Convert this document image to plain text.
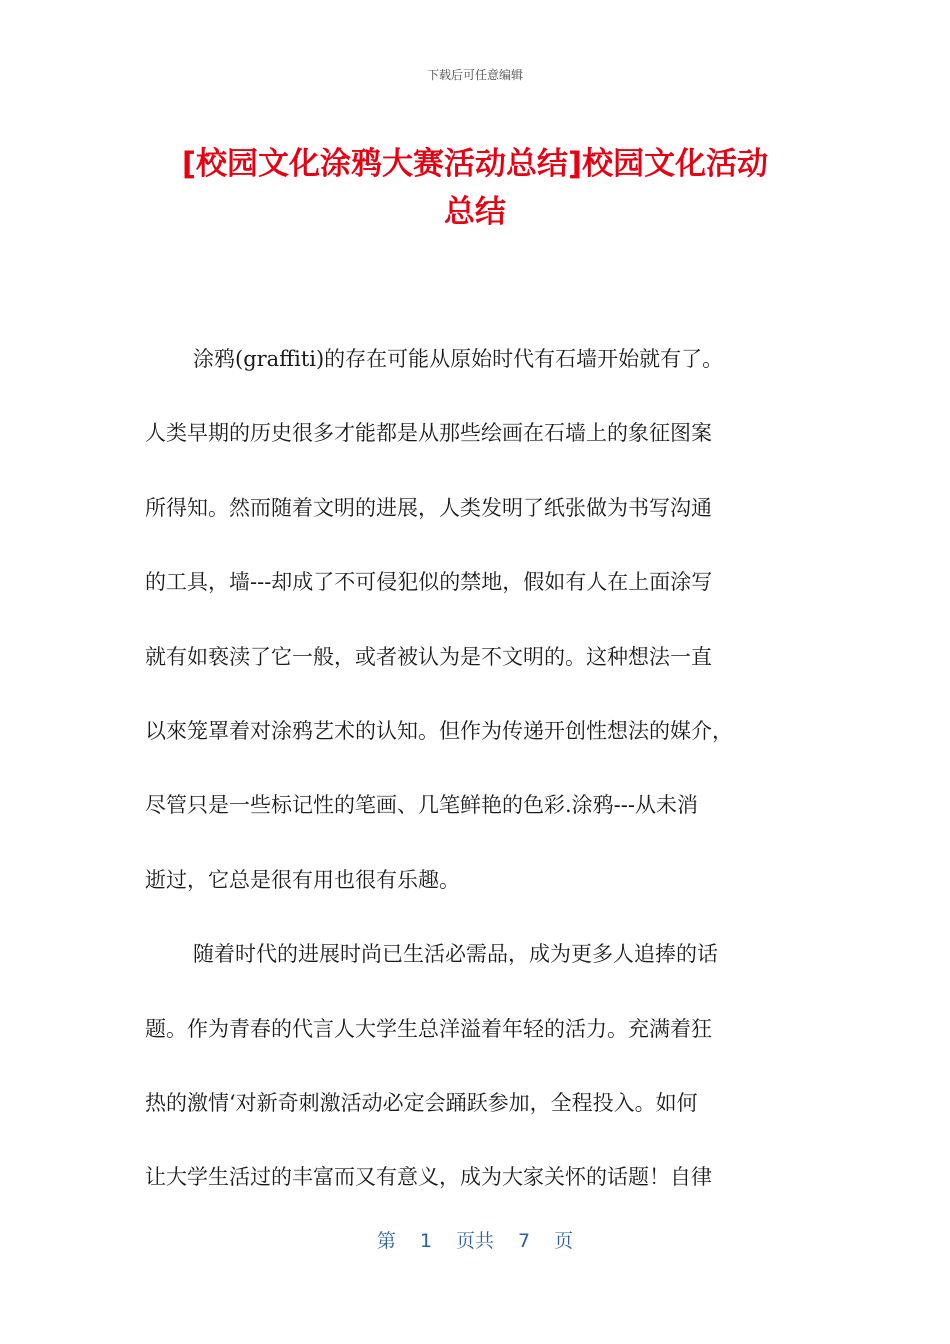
下载后可任意编辑
[校园文化涂鸦大赛活动总结]校园文化活动
总结
涂鸦(graffiti)的存在可能从原始时代有石墙开始就有了。
人类早期的历史很多才能都是从那些绘画在石墙上的象征图案
所得知。然而随着文明的进展，人类发明了纸张做为书写沟通
的工具，墙---却成了不可侵犯似的禁地，假如有人在上面涂写
就有如亵渎了它一般，或者被认为是不文明的。这种想法一直
以來笼罩着对涂鸦艺术的认知。但作为传递开创性想法的媒介，
尽管只是一些标记性的笔画、几笔鲜艳的色彩.涂鸦---从未消
逝过，它总是很有用也很有乐趣。
随着时代的进展时尚已生活必需品，成为更多人追捧的话
题。作为青春的代言人大学生总洋溢着年轻的活力。充满着狂
热的激情‘对新奇刺激活动必定会踊跃参加，全程投入。如何
让大学生活过的丰富而又有意义，成为大家关怀的话题！自律
第 1 页共 7 页
